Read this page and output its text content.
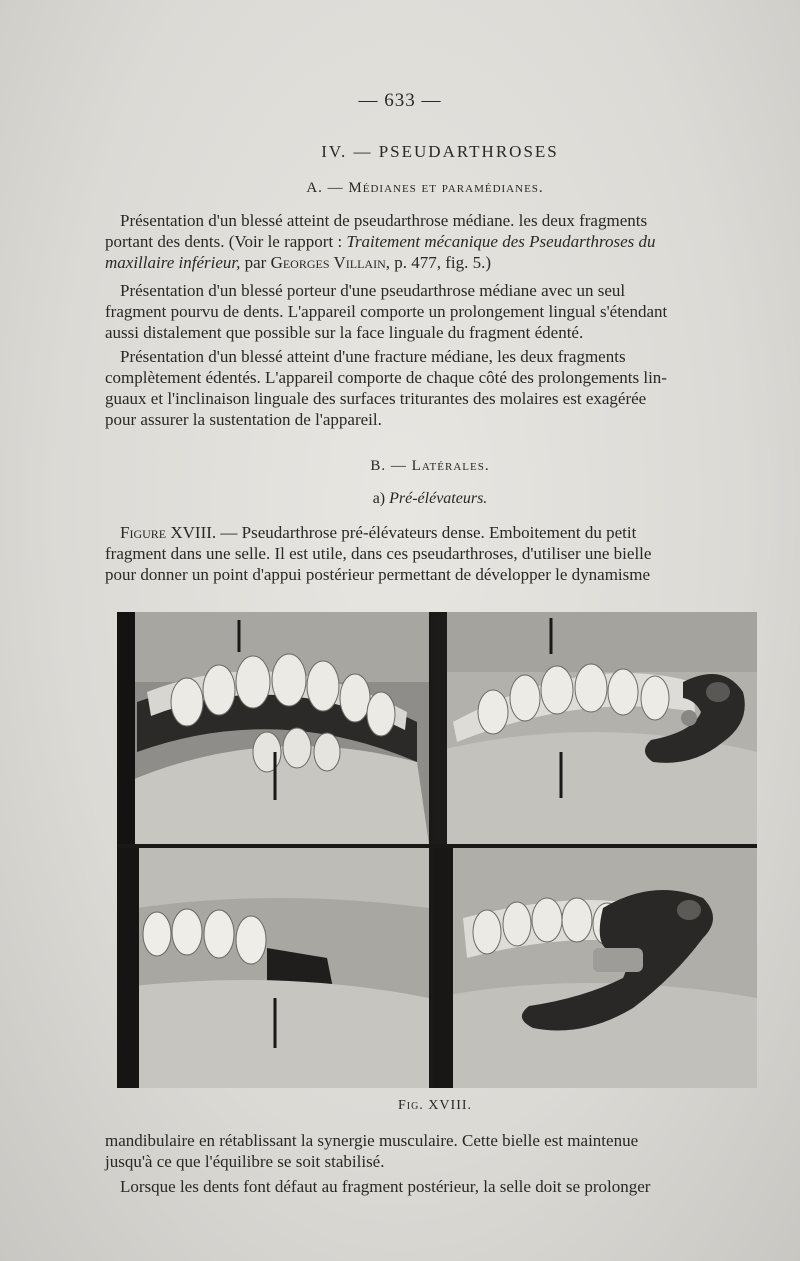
— 633 —
IV. — PSEUDARTHROSES
A. — Médianes et paramédianes.
Présentation d'un blessé atteint de pseudarthrose médiane. les deux fragments
portant des dents. (Voir le rapport : Traitement mécanique des Pseudarthroses du
maxillaire inférieur, par Georges Villain, p. 477, fig. 5.)
Présentation d'un blessé porteur d'une pseudarthrose médiane avec un seul
fragment pourvu de dents. L'appareil comporte un prolongement lingual s'étendant
aussi distalement que possible sur la face linguale du fragment édenté.
Présentation d'un blessé atteint d'une fracture médiane, les deux fragments
complètement édentés. L'appareil comporte de chaque côté des prolongements lin-
guaux et l'inclinaison linguale des surfaces triturantes des molaires est exagérée
pour assurer la sustentation de l'appareil.
B. — Latérales.
a) Pré-élévateurs.
Figure XVIII. — Pseudarthrose pré-élévateurs dense. Emboitement du petit
fragment dans une selle. Il est utile, dans ces pseudarthroses, d'utiliser une bielle
pour donner un point d'appui postérieur permettant de développer le dynamisme
Fig. XVIII.
mandibulaire en rétablissant la synergie musculaire. Cette bielle est maintenue
jusqu'à ce que l'équilibre se soit stabilisé.
Lorsque les dents font défaut au fragment postérieur, la selle doit se prolonger
